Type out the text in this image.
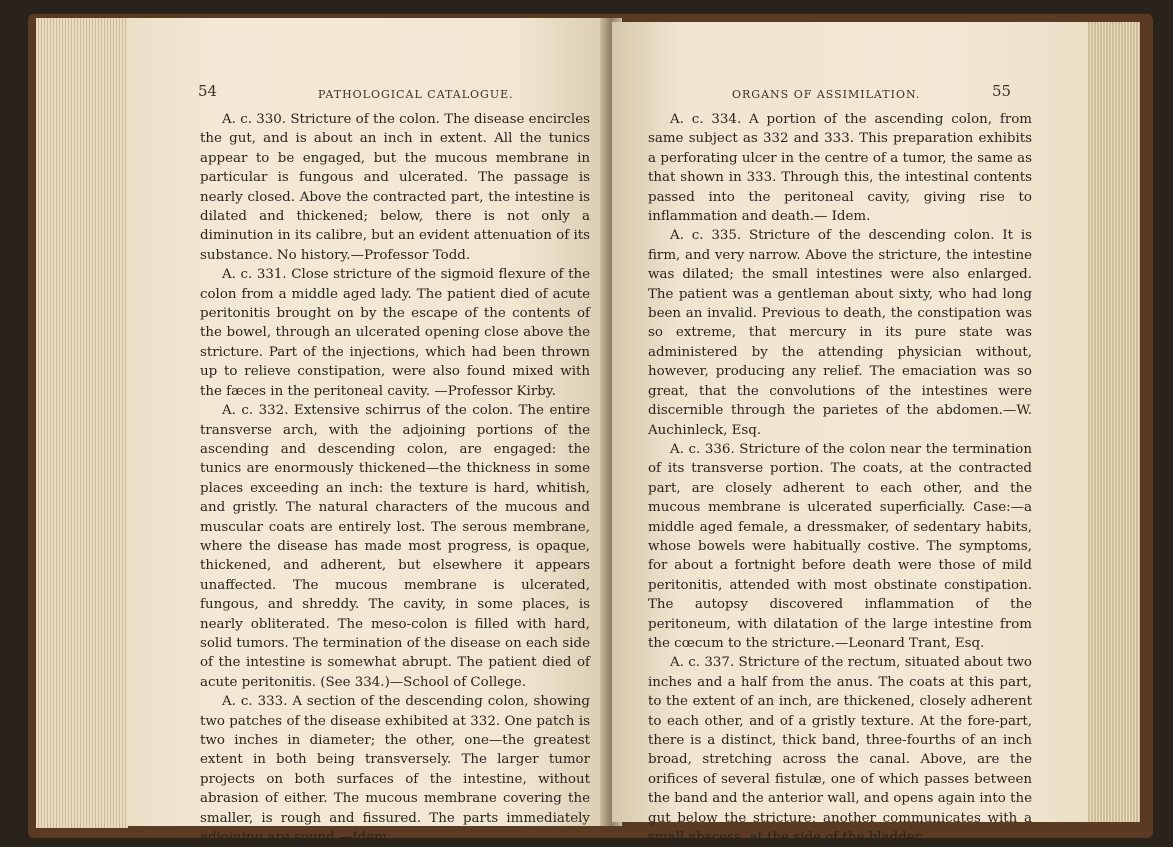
54	PATHOLOGICAL CATALOGUE.

A. c. 330. Stricture of the colon. The disease encircles the gut, and is about an inch in extent. All the tunics appear to be engaged, but the mucous membrane in particular is fungous and ulcerated. The passage is nearly closed. Above the contracted part, the intestine is dilated and thickened; below, there is not only a diminution in its calibre, but an evident attenuation of its substance. No history.—Professor Todd.

A. c. 331. Close stricture of the sigmoid flexure of the colon from a middle aged lady. The patient died of acute peritonitis brought on by the escape of the contents of the bowel, through an ulcerated opening close above the stricture. Part of the injections, which had been thrown up to relieve constipation, were also found mixed with the fæces in the peritoneal cavity. —Professor Kirby.

A. c. 332. Extensive schirrus of the colon. The entire transverse arch, with the adjoining portions of the ascending and descending colon, are engaged: the tunics are enormously thickened—the thickness in some places exceeding an inch: the texture is hard, whitish, and gristly. The natural characters of the mucous and muscular coats are entirely lost. The serous membrane, where the disease has made most progress, is opaque, thickened, and adherent, but elsewhere it appears unaffected. The mucous membrane is ulcerated, fungous, and shreddy. The cavity, in some places, is nearly obliterated. The meso-colon is filled with hard, solid tumors. The termination of the disease on each side of the intestine is somewhat abrupt. The patient died of acute peritonitis. (See 334.)—School of College.

A. c. 333. A section of the descending colon, showing two patches of the disease exhibited at 332. One patch is two inches in diameter; the other, one—the greatest extent in both being transversely. The larger tumor projects on both surfaces of the intestine, without abrasion of either. The mucous membrane covering the smaller, is rough and fissured. The parts immediately adjoining are sound.—Idem.

ORGANS OF ASSIMILATION.	55

A. c. 334. A portion of the ascending colon, from same subject as 332 and 333. This preparation exhibits a perforating ulcer in the centre of a tumor, the same as that shown in 333. Through this, the intestinal contents passed into the peritoneal cavity, giving rise to inflammation and death.— Idem.

A. c. 335. Stricture of the descending colon. It is firm, and very narrow. Above the stricture, the intestine was dilated; the small intestines were also enlarged. The patient was a gentleman about sixty, who had long been an invalid. Previous to death, the constipation was so extreme, that mercury in its pure state was administered by the attending physician without, however, producing any relief. The emaciation was so great, that the convolutions of the intestines were discernible through the parietes of the abdomen.—W. Auchinleck, Esq.

A. c. 336. Stricture of the colon near the termination of its transverse portion. The coats, at the contracted part, are closely adherent to each other, and the mucous membrane is ulcerated superficially. Case:—a middle aged female, a dressmaker, of sedentary habits, whose bowels were habitually costive. The symptoms, for about a fortnight before death were those of mild peritonitis, attended with most obstinate constipation. The autopsy discovered inflammation of the peritoneum, with dilatation of the large intestine from the cœcum to the stricture.—Leonard Trant, Esq.

A. c. 337. Stricture of the rectum, situated about two inches and a half from the anus. The coats at this part, to the extent of an inch, are thickened, closely adherent to each other, and of a gristly texture. At the fore-part, there is a distinct, thick band, three-fourths of an inch broad, stretching across the canal. Above, are the orifices of several fistulæ, one of which passes between the band and the anterior wall, and opens again into the gut below the stricture; another communicates with a small abscess, at the side of the bladder.
